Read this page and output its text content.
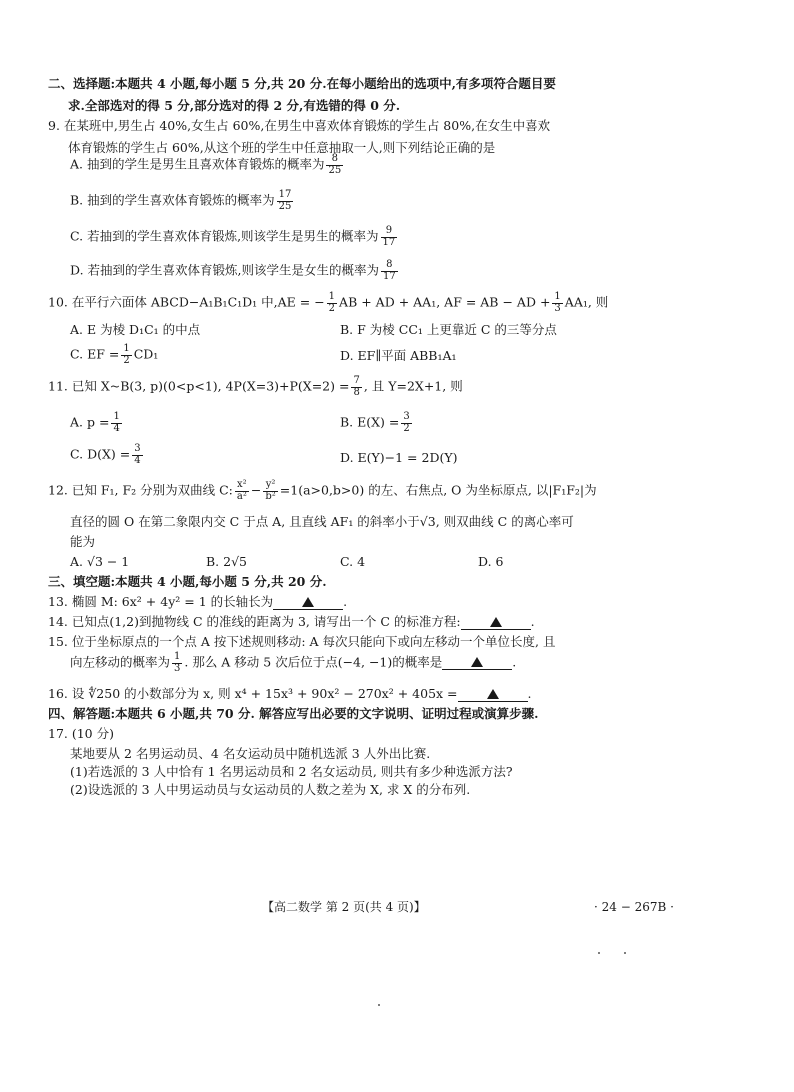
二、选择题:本题共 4 小题,每小题 5 分,共 20 分.在每小题给出的选项中,有多项符合题目要
求.全部选对的得 5 分,部分选对的得 2 分,有选错的得 0 分.
9. 在某班中,男生占 40%,女生占 60%,在男生中喜欢体育锻炼的学生占 80%,在女生中喜欢
体育锻炼的学生占 60%,从这个班的学生中任意抽取一人,则下列结论正确的是
A. 抽到的学生是男生且喜欢体育锻炼的概率为 $\frac{8}{25}$
B. 抽到的学生喜欢体育锻炼的概率为 $\frac{17}{25}$
C. 若抽到的学生喜欢体育锻炼,则该学生是男生的概率为 $\frac{9}{17}$
D. 若抽到的学生喜欢体育锻炼,则该学生是女生的概率为 $\frac{8}{17}$
10. 在平行六面体 ABCD−A₁B₁C₁D₁ 中,AE = − $\frac{1}{2}$ AB + AD + AA₁, AF = AB − AD + $\frac{1}{3} AA_1$, 则
A. E 为棱 D₁C₁ 的中点	B. F 为棱 CC₁ 上更靠近 C 的三等分点
C. EF = $\frac{1}{2} CD_1$	D. EF∥平面 ABB₁A₁
11. 已知 X~B(3, p)(0<p<1), $4P(X=3)+P(X=2) = \frac{7}{8}$ , 且 Y=2X+1, 则
A. $p = \frac{1}{4}$	B. $E(X) = \frac{3}{2}$
C. $D(X) = \frac{3}{4}$	D. E(Y)−1 = 2D(Y)
12. 已知 F₁, F₂ 分别为双曲线 C: $\frac{\text{x²}}{\text{a²}} - \frac{\text{y²}}{\text{b²}} =1(a>0,b>0)$ 的左、右焦点, O 为坐标原点, 以|F₁F₂|为
直径的圆 O 在第二象限内交 C 于点 A, 且直线 AF₁ 的斜率小于√3, 则双曲线 C 的离心率可
能为
A. √3 − 1	B. 2√5	C. 4	D. 6
三、填空题:本题共 4 小题,每小题 5 分,共 20 分.
13. 椭圆 M: 6x² + 4y² = 1 的长轴长为	.
14. 已知点(1,2)到抛物线 C 的准线的距离为 3, 请写出一个 C 的标准方程:	.
15. 位于坐标原点的一个点 A 按下述规则移动: A 每次只能向下或向左移动一个单位长度, 且
向左移动的概率为 $\frac{1}{3}$ . 那么 A 移动 5 次后位于点(−4, −1)的概率是	.
16. 设 ∜250 的小数部分为 x, 则 x⁴ + 15x³ + 90x² − 270x² + 405x =	.
四、解答题:本题共 6 小题,共 70 分. 解答应写出必要的文字说明、证明过程或演算步骤.
17. (10 分)
某地要从 2 名男运动员、4 名女运动员中随机选派 3 人外出比赛.
(1)若选派的 3 人中恰有 1 名男运动员和 2 名女运动员, 则共有多少种选派方法?
(2)设选派的 3 人中男运动员与女运动员的人数之差为 X, 求 X 的分布列.
【高二数学 第 2 页(共 4 页)】	· 24 − 267B ·
